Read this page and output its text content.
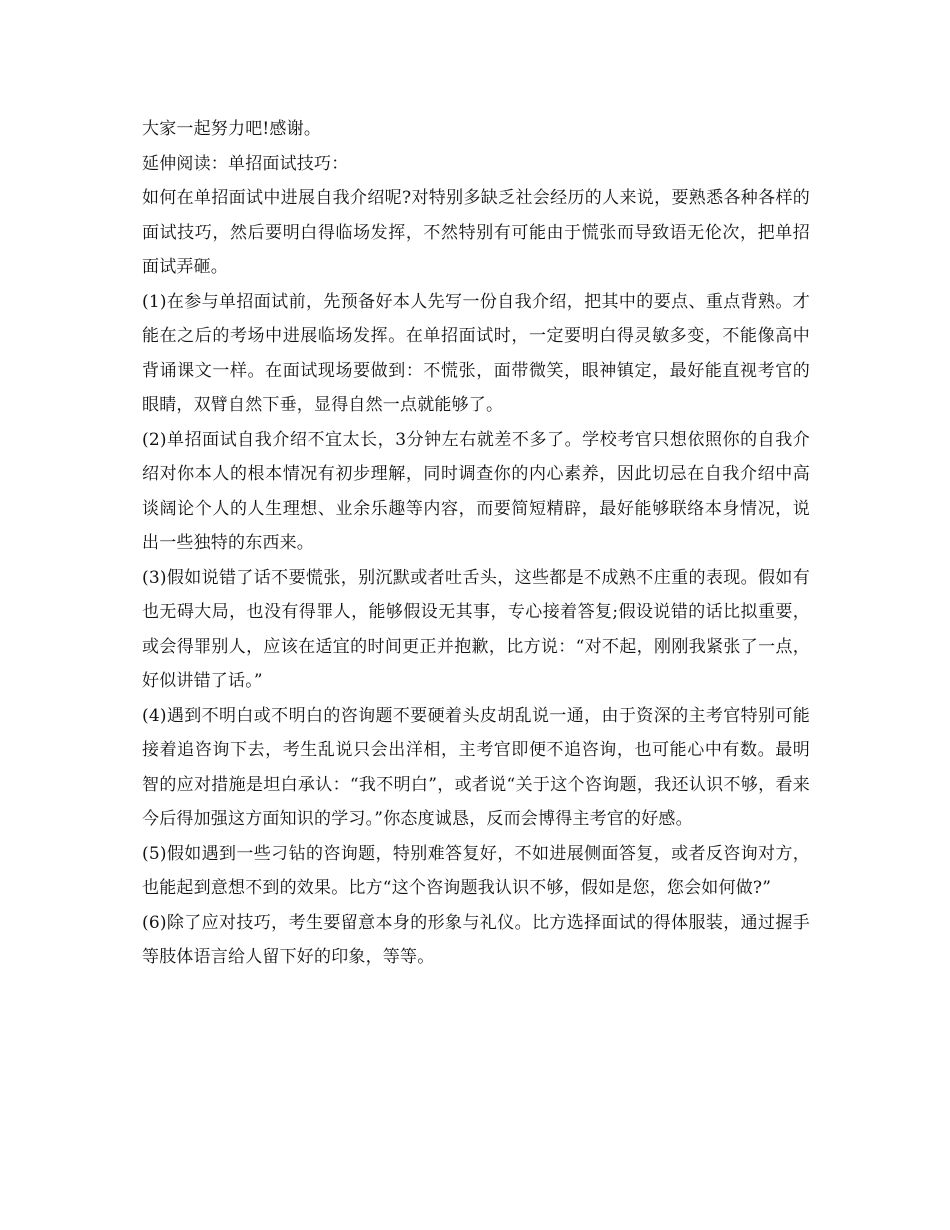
大家一起努力吧!感谢。

延伸阅读：单招面试技巧：

如何在单招面试中进展自我介绍呢?对特别多缺乏社会经历的人来说，要熟悉各种各样的面试技巧，然后要明白得临场发挥，不然特别有可能由于慌张而导致语无伦次，把单招面试弄砸。

(1)在参与单招面试前，先预备好本人先写一份自我介绍，把其中的要点、重点背熟。才能在之后的考场中进展临场发挥。在单招面试时，一定要明白得灵敏多变，不能像高中背诵课文一样。在面试现场要做到：不慌张，面带微笑，眼神镇定，最好能直视考官的眼睛，双臂自然下垂，显得自然一点就能够了。

(2)单招面试自我介绍不宜太长，3分钟左右就差不多了。学校考官只想依照你的自我介绍对你本人的根本情况有初步理解，同时调查你的内心素养，因此切忌在自我介绍中高谈阔论个人的人生理想、业余乐趣等内容，而要简短精辟，最好能够联络本身情况，说出一些独特的东西来。

(3)假如说错了话不要慌张，别沉默或者吐舌头，这些都是不成熟不庄重的表现。假如有也无碍大局，也没有得罪人，能够假设无其事，专心接着答复;假设说错的话比拟重要，或会得罪别人，应该在适宜的时间更正并抱歉，比方说：“对不起，刚刚我紧张了一点，好似讲错了话。”

(4)遇到不明白或不明白的咨询题不要硬着头皮胡乱说一通，由于资深的主考官特别可能接着追咨询下去，考生乱说只会出洋相，主考官即便不追咨询，也可能心中有数。最明智的应对措施是坦白承认：“我不明白”，或者说“关于这个咨询题，我还认识不够，看来今后得加强这方面知识的学习。”你态度诚恳，反而会博得主考官的好感。

(5)假如遇到一些刁钻的咨询题，特别难答复好，不如进展侧面答复，或者反咨询对方，也能起到意想不到的效果。比方“这个咨询题我认识不够，假如是您，您会如何做?”

(6)除了应对技巧，考生要留意本身的形象与礼仪。比方选择面试的得体服装，通过握手等肢体语言给人留下好的印象，等等。
